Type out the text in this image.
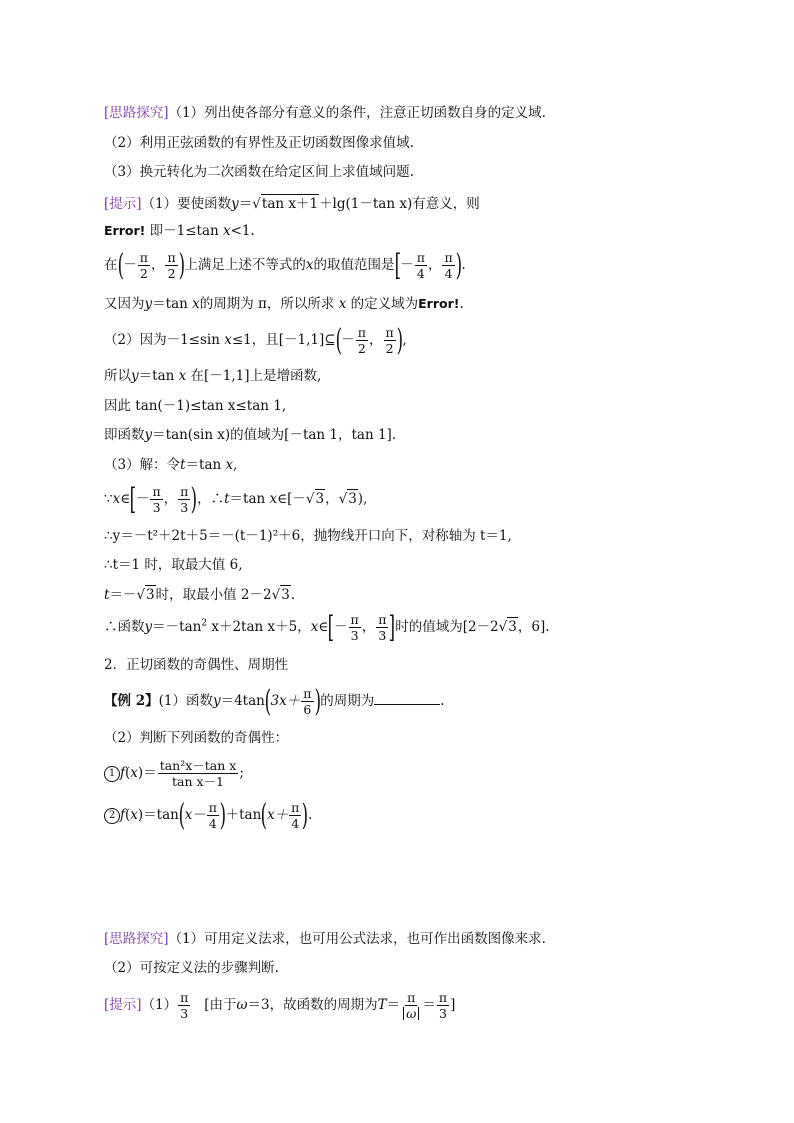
[思路探究]（1）列出使各部分有意义的条件，注意正切函数自身的定义域.
（2）利用正弦函数的有界性及正切函数图像求值域.
（3）换元转化为二次函数在给定区间上求值域问题.
[提示]（1）要使函数y＝√tan x＋1＋lg(1－tan x)有意义，则
Error! 即－1≤tan x<1.
在(－ $\frac{\pi}{2}$ ， $\frac{\pi}{2}$ )上满足上述不等式的x的取值范围是[－ $\frac{\pi}{4}$ ， $\frac{\pi}{4}$ ).
又因为y＝tan x的周期为 π，所以所求 x 的定义域为Error!.
（2）因为－1≤sin x≤1，且[－1,1]⊆(－ $\frac{\pi}{2}$ ， $\frac{\pi}{2}$ ),
所以y＝tan x 在[－1,1]上是增函数,
因此 tan(－1)≤tan x≤tan 1,
即函数y＝tan(sin x)的值域为[－tan 1，tan 1].
（3）解：令t＝tan x,
∵x∈[－ $\frac{\pi}{3}$ ， $\frac{\pi}{3}$ )，∴t＝tan x∈[－√3，√3),
∴y＝－t²＋2t＋5＝－(t－1)²＋6，抛物线开口向下，对称轴为 t＝1,
∴t＝1 时，取最大值 6,
t＝－√3时，取最小值 2－2√3.
∴函数$y=-\tan^2$ x＋2tan x＋5，x∈[－ $\frac{\pi}{3}$ ， $\frac{\pi}{3}$ ]时的值域为[2－2√3，6].
2．正切函数的奇偶性、周期性
【例 2】(1）函数$y=4\tan(3x+ \frac{\pi}{6}$ )的周期为	.
（2）判断下列函数的奇偶性：
1 $f(x)= \frac{\text{tan²x－tan x}}{\text{tan x－1}}$ ;
2 $f(x)=\tan(x- \frac{\pi}{4} )+\tan(x+ \frac{\pi}{4}$ ).
[思路探究]（1）可用定义法求，也可用公式法求，也可作出函数图像来求.
（2）可按定义法的步骤判断.
[提示]$(1) \frac{\pi}{3}$ [由于ω＝3，故函数的周期为$T= \frac{\pi}{\omega} = \frac{\pi}{3}$ ]
